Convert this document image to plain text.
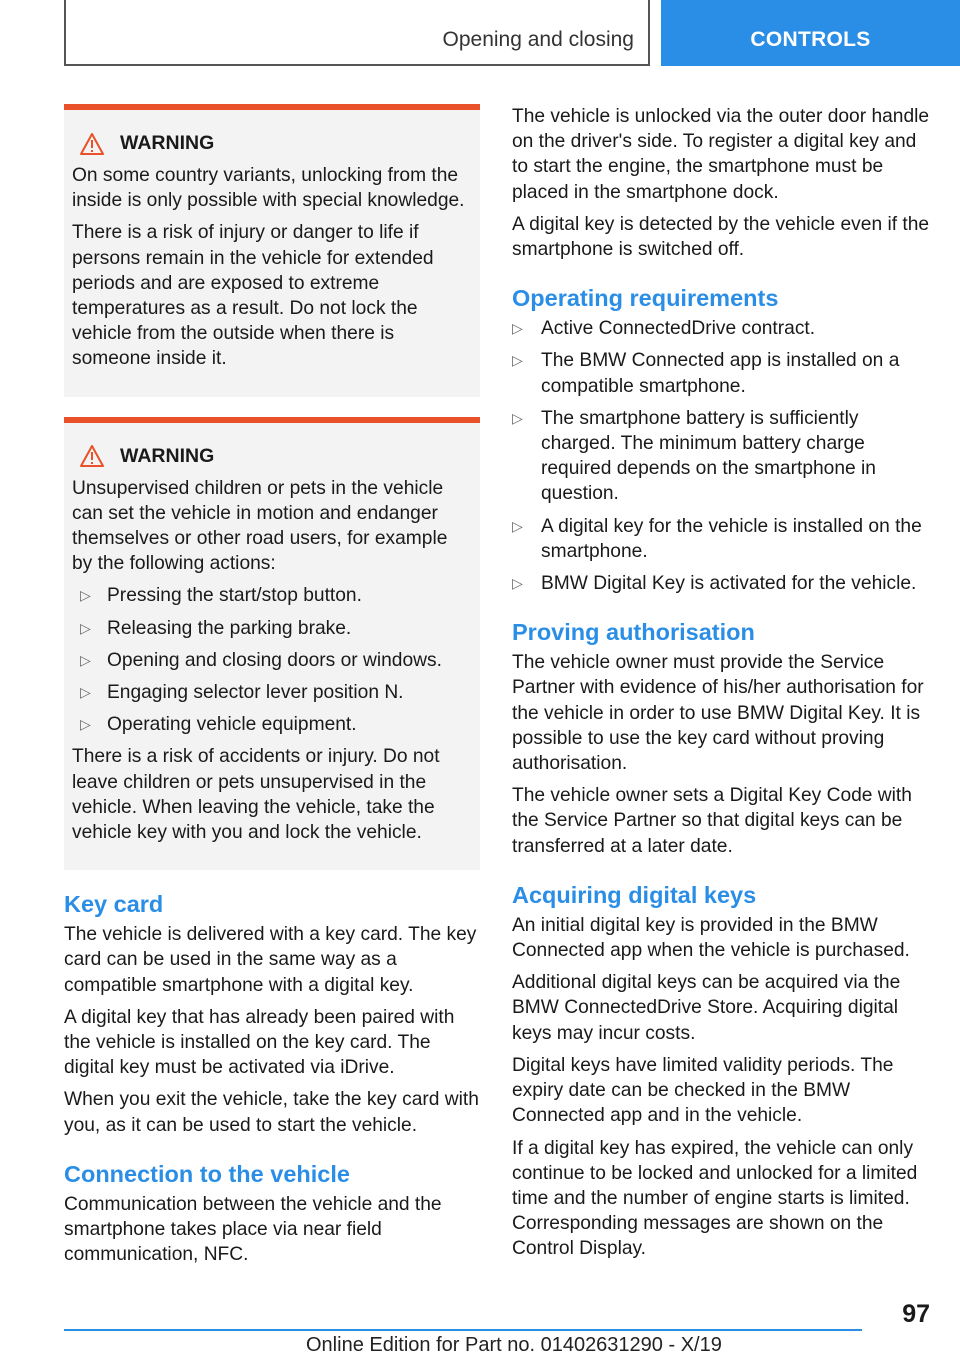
Opening and closing	CONTROLS
WARNING

On some country variants, unlocking from the inside is only possible with special knowledge.

There is a risk of injury or danger to life if persons remain in the vehicle for extended periods and are exposed to extreme temperatures as a result. Do not lock the vehicle from the outside when there is someone inside it.

WARNING

Unsupervised children or pets in the vehicle can set the vehicle in motion and endanger themselves or other road users, for example by the following actions:

▷ Pressing the start/stop button.
▷ Releasing the parking brake.
▷ Opening and closing doors or windows.
▷ Engaging selector lever position N.
▷ Operating vehicle equipment.

There is a risk of accidents or injury. Do not leave children or pets unsupervised in the vehicle. When leaving the vehicle, take the vehicle key with you and lock the vehicle.

Key card

The vehicle is delivered with a key card. The key card can be used in the same way as a compatible smartphone with a digital key.

A digital key that has already been paired with the vehicle is installed on the key card. The digital key must be activated via iDrive.

When you exit the vehicle, take the key card with you, as it can be used to start the vehicle.

Connection to the vehicle

Communication between the vehicle and the smartphone takes place via near field communication, NFC.

The vehicle is unlocked via the outer door handle on the driver's side. To register a digital key and to start the engine, the smartphone must be placed in the smartphone dock.

A digital key is detected by the vehicle even if the smartphone is switched off.

Operating requirements
▷ Active ConnectedDrive contract.
▷ The BMW Connected app is installed on a compatible smartphone.
▷ The smartphone battery is sufficiently charged. The minimum battery charge required depends on the smartphone in question.
▷ A digital key for the vehicle is installed on the smartphone.
▷ BMW Digital Key is activated for the vehicle.
Proving authorisation

The vehicle owner must provide the Service Partner with evidence of his/her authorisation for the vehicle in order to use BMW Digital Key. It is possible to use the key card without proving authorisation.

The vehicle owner sets a Digital Key Code with the Service Partner so that digital keys can be transferred at a later date.

Acquiring digital keys

An initial digital key is provided in the BMW Connected app when the vehicle is purchased.

Additional digital keys can be acquired via the BMW ConnectedDrive Store. Acquiring digital keys may incur costs.

Digital keys have limited validity periods. The expiry date can be checked in the BMW Connected app and in the vehicle.

If a digital key has expired, the vehicle can only continue to be locked and unlocked for a limited time and the number of engine starts is limited. Corresponding messages are shown on the Control Display.

97
Online Edition for Part no. 01402631290 - X/19
